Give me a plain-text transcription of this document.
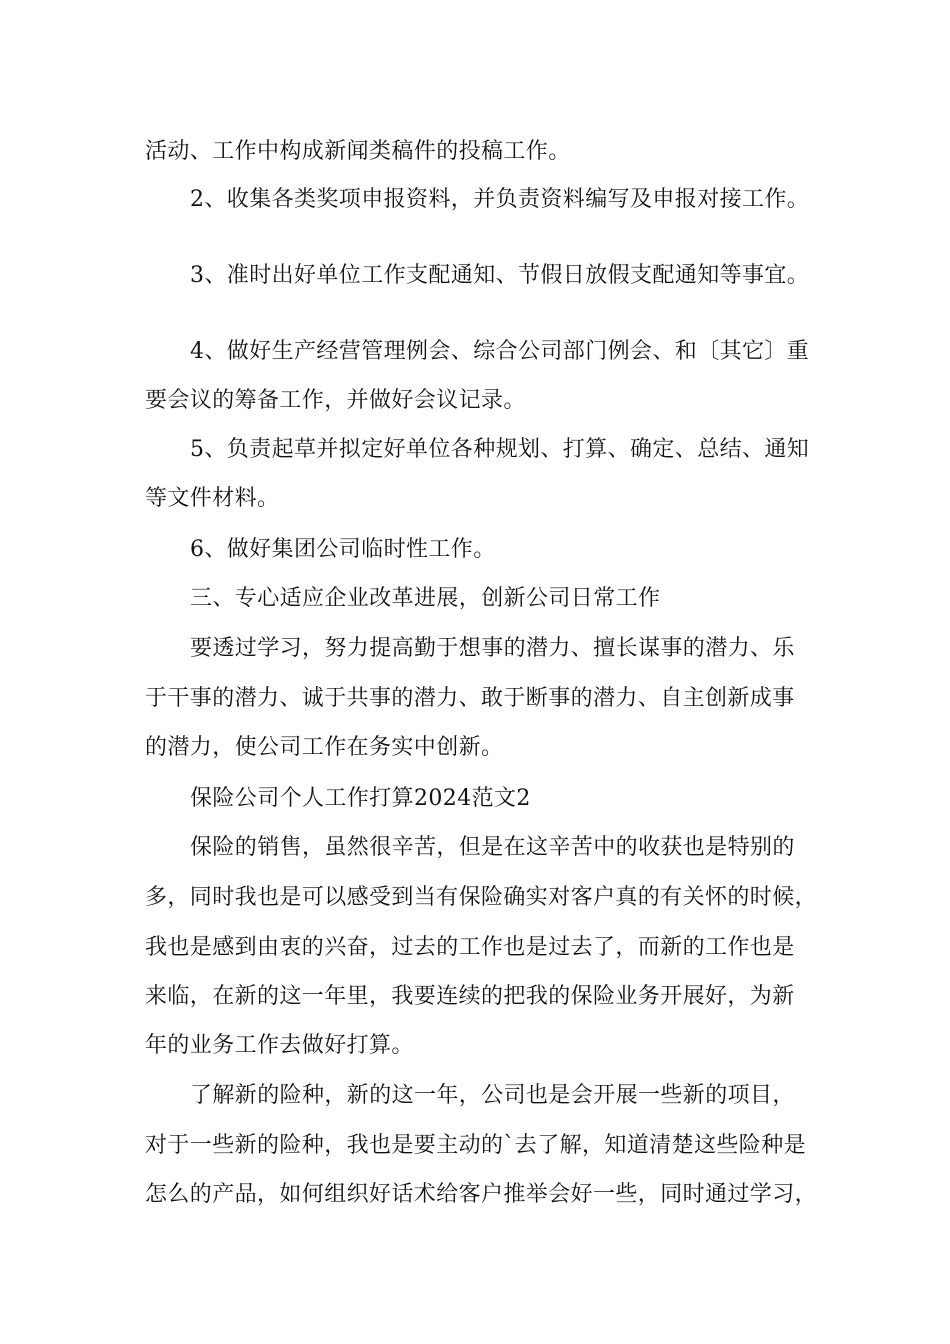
活动、工作中构成新闻类稿件的投稿工作。
2、收集各类奖项申报资料，并负责资料编写及申报对接工作。
3、准时出好单位工作支配通知、节假日放假支配通知等事宜。
4、做好生产经营管理例会、综合公司部门例会、和〔其它〕重
要会议的筹备工作，并做好会议记录。
5、负责起草并拟定好单位各种规划、打算、确定、总结、通知
等文件材料。
6、做好集团公司临时性工作。
三、专心适应企业改革进展，创新公司日常工作
要透过学习，努力提高勤于想事的潜力、擅长谋事的潜力、乐
于干事的潜力、诚于共事的潜力、敢于断事的潜力、自主创新成事
的潜力，使公司工作在务实中创新。
保险公司个人工作打算2024范文2
保险的销售，虽然很辛苦，但是在这辛苦中的收获也是特别的
多，同时我也是可以感受到当有保险确实对客户真的有关怀的时候，
我也是感到由衷的兴奋，过去的工作也是过去了，而新的工作也是
来临，在新的这一年里，我要连续的把我的保险业务开展好，为新
年的业务工作去做好打算。
了解新的险种，新的这一年，公司也是会开展一些新的项目，
对于一些新的险种，我也是要主动的`去了解，知道清楚这些险种是
怎么的产品，如何组织好话术给客户推举会好一些，同时通过学习，
